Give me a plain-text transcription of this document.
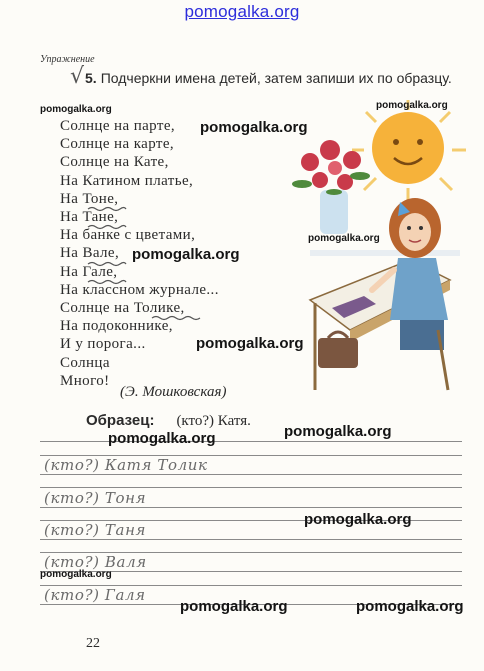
pomogalka.org
Упражнение
√ 5. Подчеркни имена детей, затем запиши их по образцу.
Солнце на парте,
Солнце на карте,
Солнце на Кате,
На Катином платье,
На Тоне,
На Тане,
На банке с цветами,
На Вале,
На Гале,
На классном журнале...
Солнце на Толике,
На подоконнике,
И у порога...
Солнца
Много!
(Э. Мошковская)
Образец: (кто?) Катя.
(кто?) Катя Толик
(кто?) Тоня
(кто?) Таня
(кто?) Валя
(кто?) Галя
22
pomogalka.org	pomogalka.org
pomogalka.org
pomogalka.org
pomogalka.org
pomogalka.org
pomogalka.org
pomogalka.org
pomogalka.org
pomogalka.org
pomogalka.org	pomogalka.org
